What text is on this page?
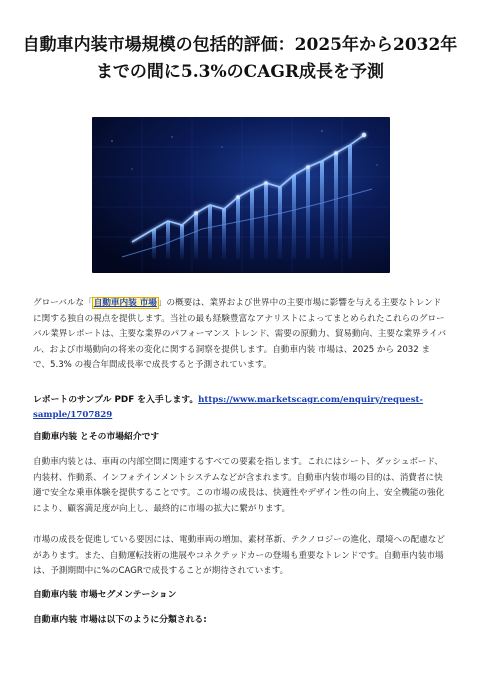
自動車内装市場規模の包括的評価：2025年から2032年までの間に5.3%のCAGR成長を予測

グローバルな「自動車内装 市場」の概要は、業界および世界中の主要市場に影響を与える主要なトレンドに関する独自の視点を提供します。当社の最も経験豊富なアナリストによってまとめられたこれらのグローバル業界レポートは、主要な業界のパフォーマンス トレンド、需要の原動力、貿易動向、主要な業界ライバル、および市場動向の将来の変化に関する洞察を提供します。自動車内装 市場は、2025 から 2032 まで、5.3% の複合年間成長率で成長すると予測されています。

レポートのサンプル PDF を入手します。https://www.marketscagr.com/enquiry/request-sample/1707829

自動車内装 とその市場紹介です

自動車内装とは、車両の内部空間に関連するすべての要素を指します。これにはシート、ダッシュボード、内装材、作動系、インフォテインメントシステムなどが含まれます。自動車内装市場の目的は、消費者に快適で安全な乗車体験を提供することです。この市場の成長は、快適性やデザイン性の向上、安全機能の強化により、顧客満足度が向上し、最終的に市場の拡大に繋がります。

市場の成長を促進している要因には、電動車両の増加、素材革新、テクノロジーの進化、環境への配慮などがあります。また、自動運転技術の進展やコネクテッドカーの登場も重要なトレンドです。自動車内装市場は、予測期間中に%のCAGRで成長することが期待されています。

自動車内装 市場セグメンテーション

自動車内装 市場は以下のように分類される:
